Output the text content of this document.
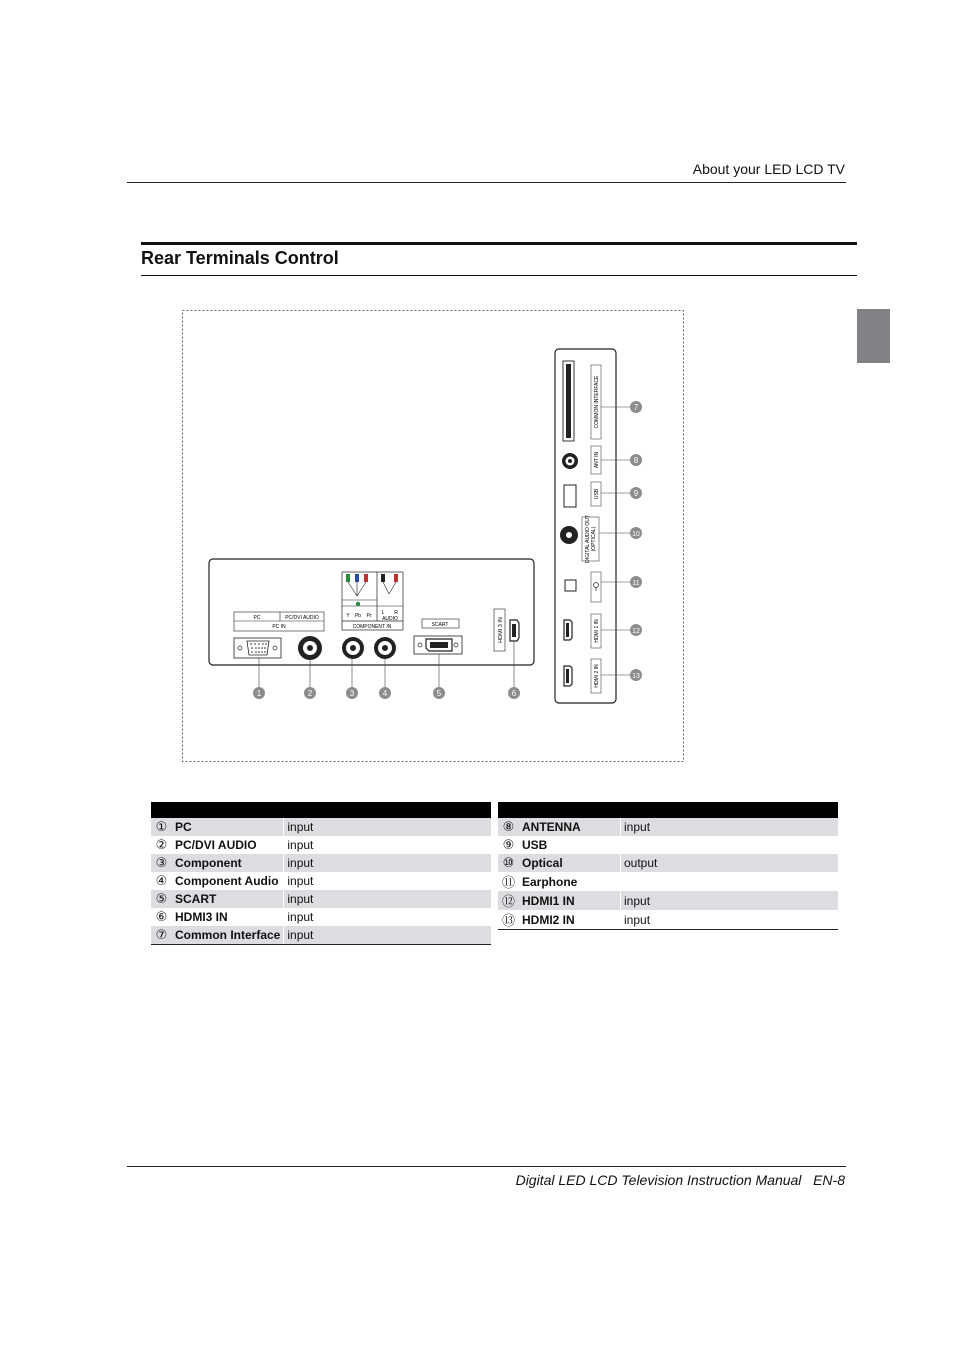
About your LED LCD TV
Rear Terminals Control
PC	PC/DVI AUDIO
PC IN
Y Pb Pr L R
AUDIO
COMPONENT IN	SCART	HDMI 3 IN
COMMON INTERFACE
ANT IN
USB
DIGITAL AUDIO OUT (OPTICAL)
HDMI 1 IN
HDMI 2 IN
1	2	3	4	5	6
7
8
9
10
11
12
13

①	PC	input
②	PC/DVI AUDIO	input
③	Component	input
④	Component Audio	input
⑤	SCART	input
⑥	HDMI3 IN	input
⑦	Common Interface	input

⑧	ANTENNA	input
⑨	USB	
⑩	Optical	output
⑪	Earphone	
⑫	HDMI1 IN	input
⑬	HDMI2 IN	input
Digital LED LCD Television Instruction Manual EN-8
